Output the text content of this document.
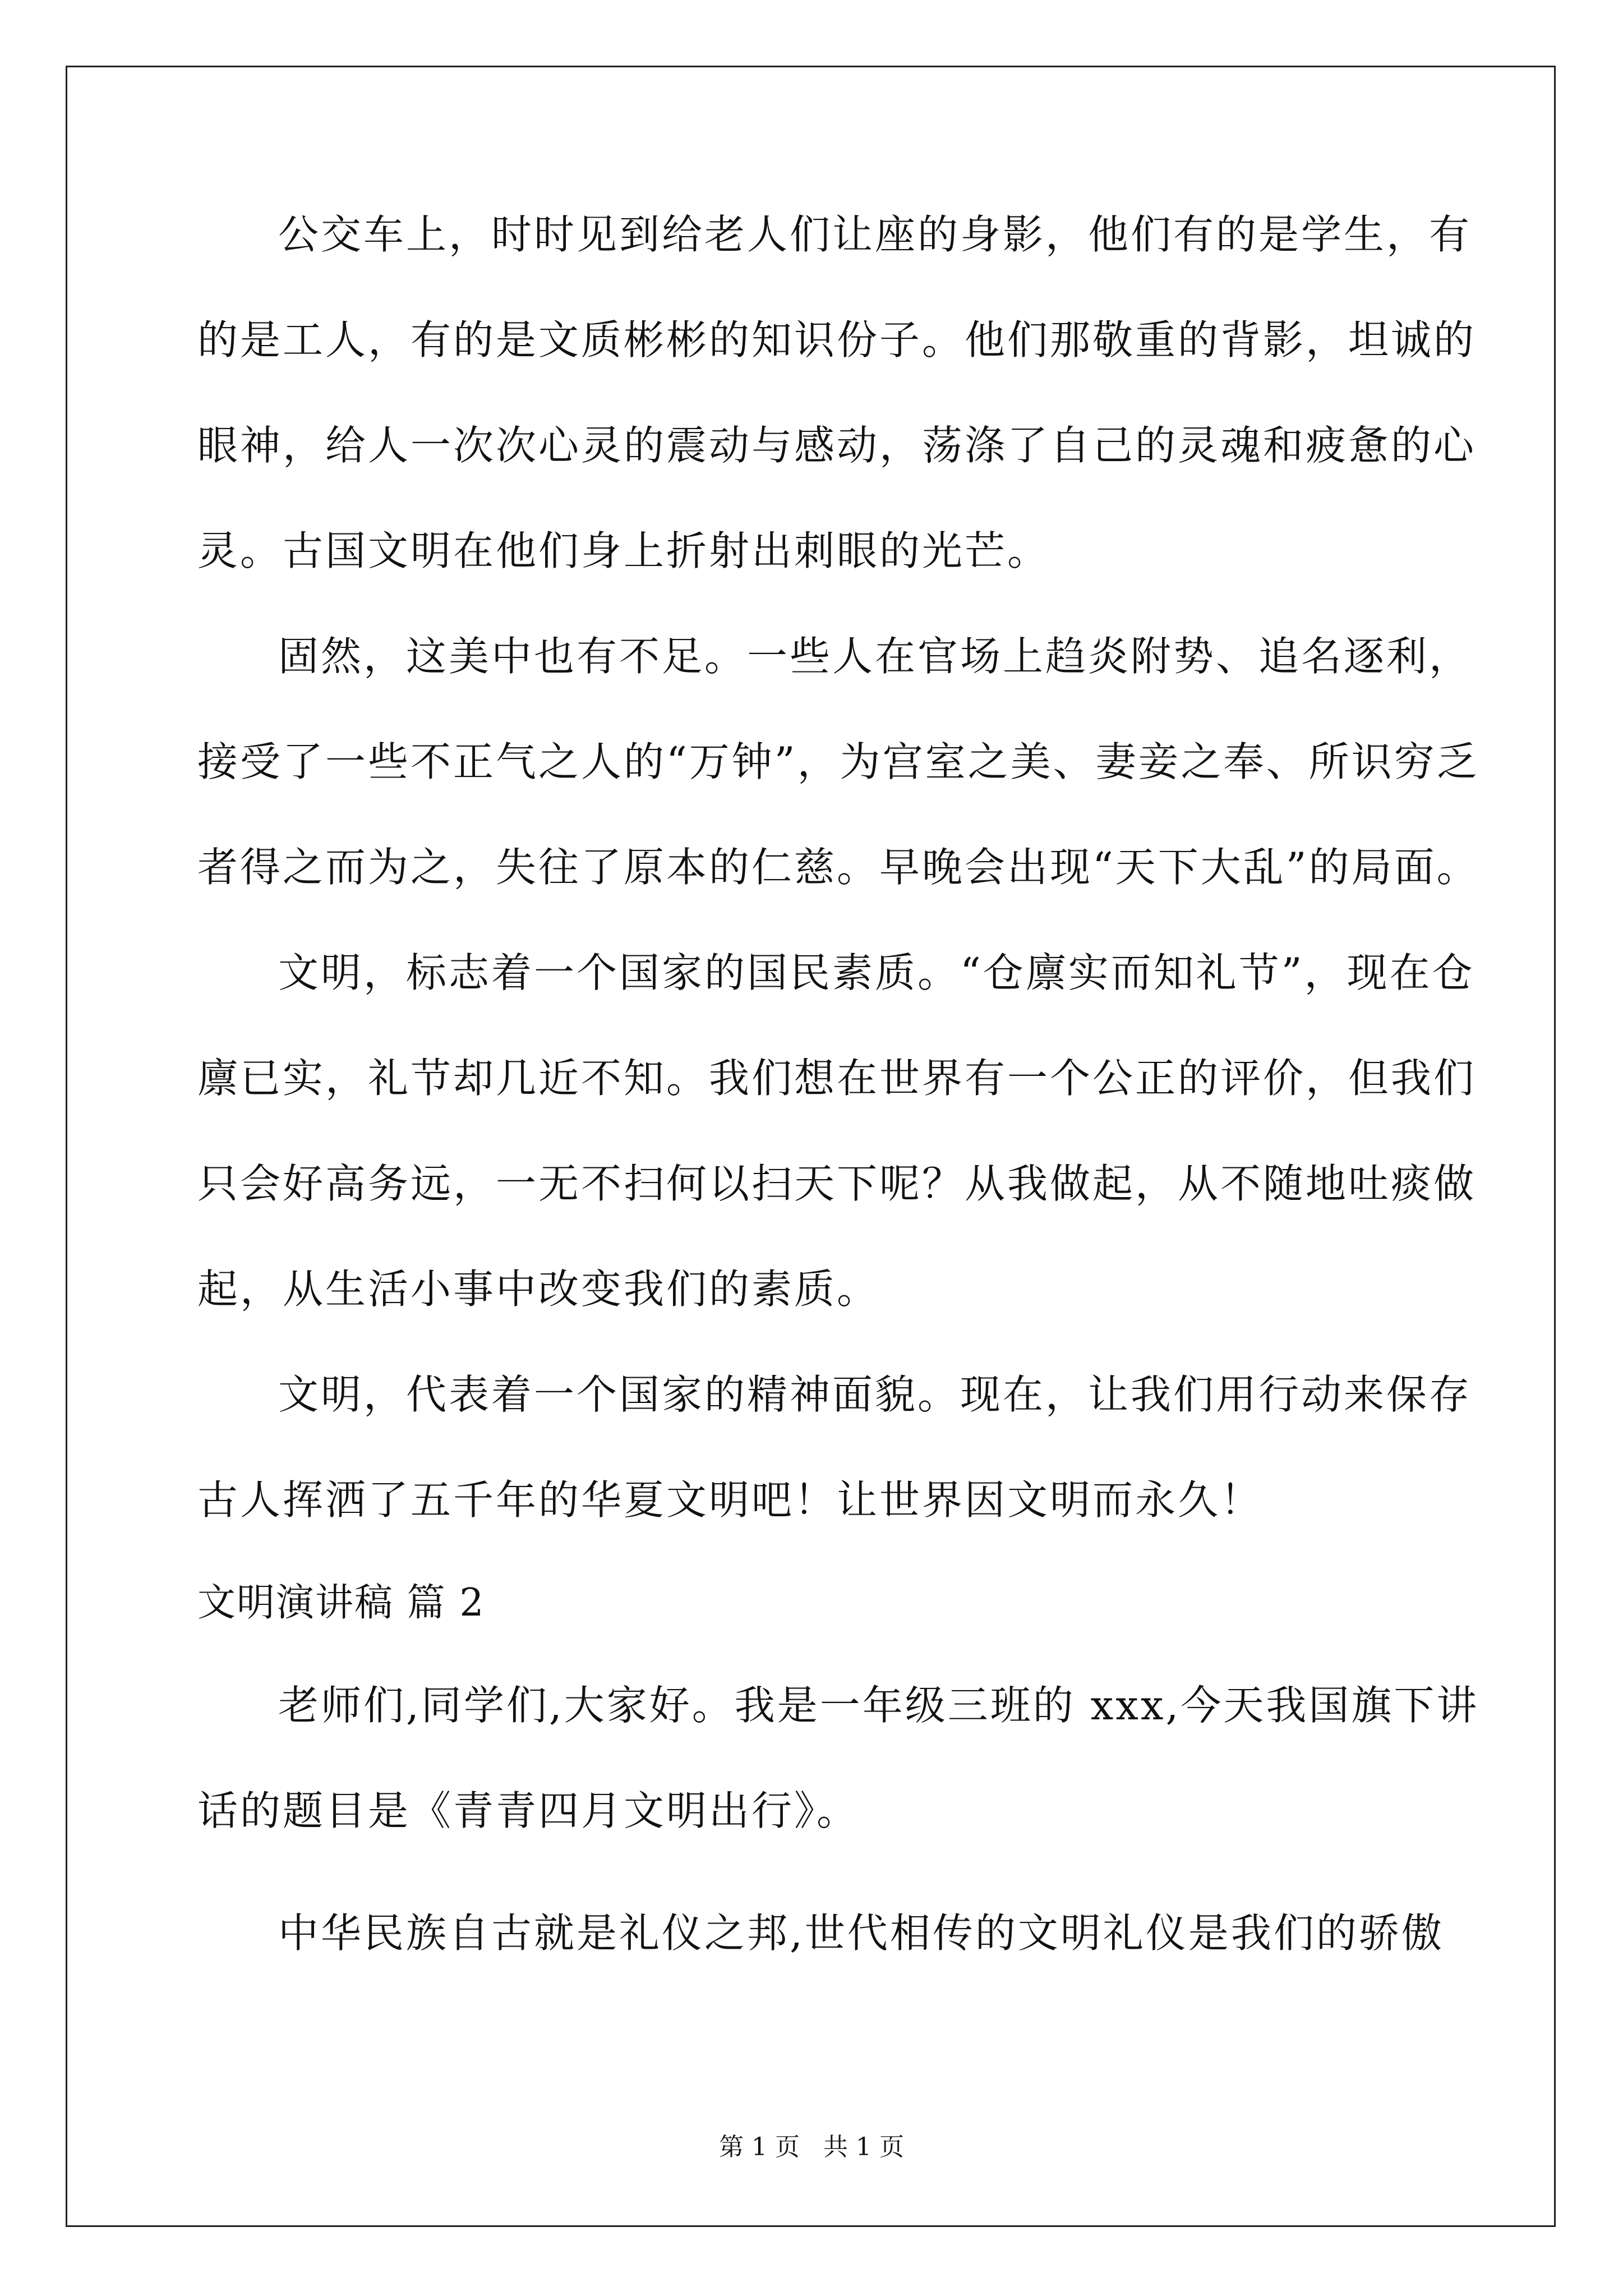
公交车上，时时见到给老人们让座的身影，他们有的是学生，有
的是工人，有的是文质彬彬的知识份子。他们那敬重的背影，坦诚的
眼神，给人一次次心灵的震动与感动，荡涤了自己的灵魂和疲惫的心
灵。古国文明在他们身上折射出刺眼的光芒。
固然，这美中也有不足。一些人在官场上趋炎附势、追名逐利，
接受了一些不正气之人的“万钟”，为宫室之美、妻妾之奉、所识穷乏
者得之而为之，失往了原本的仁慈。早晚会出现“天下大乱”的局面。
文明，标志着一个国家的国民素质。“仓廪实而知礼节”，现在仓
廪已实，礼节却几近不知。我们想在世界有一个公正的评价，但我们
只会好高务远，一无不扫何以扫天下呢？从我做起，从不随地吐痰做
起，从生活小事中改变我们的素质。
文明，代表着一个国家的精神面貌。现在，让我们用行动来保存
古人挥洒了五千年的华夏文明吧！让世界因文明而永久！
文明演讲稿 篇 2
老师们,同学们,大家好。我是一年级三班的 xxx,今天我国旗下讲
话的题目是《青青四月文明出行》。
中华民族自古就是礼仪之邦,世代相传的文明礼仪是我们的骄傲
第 1 页 共 1 页
